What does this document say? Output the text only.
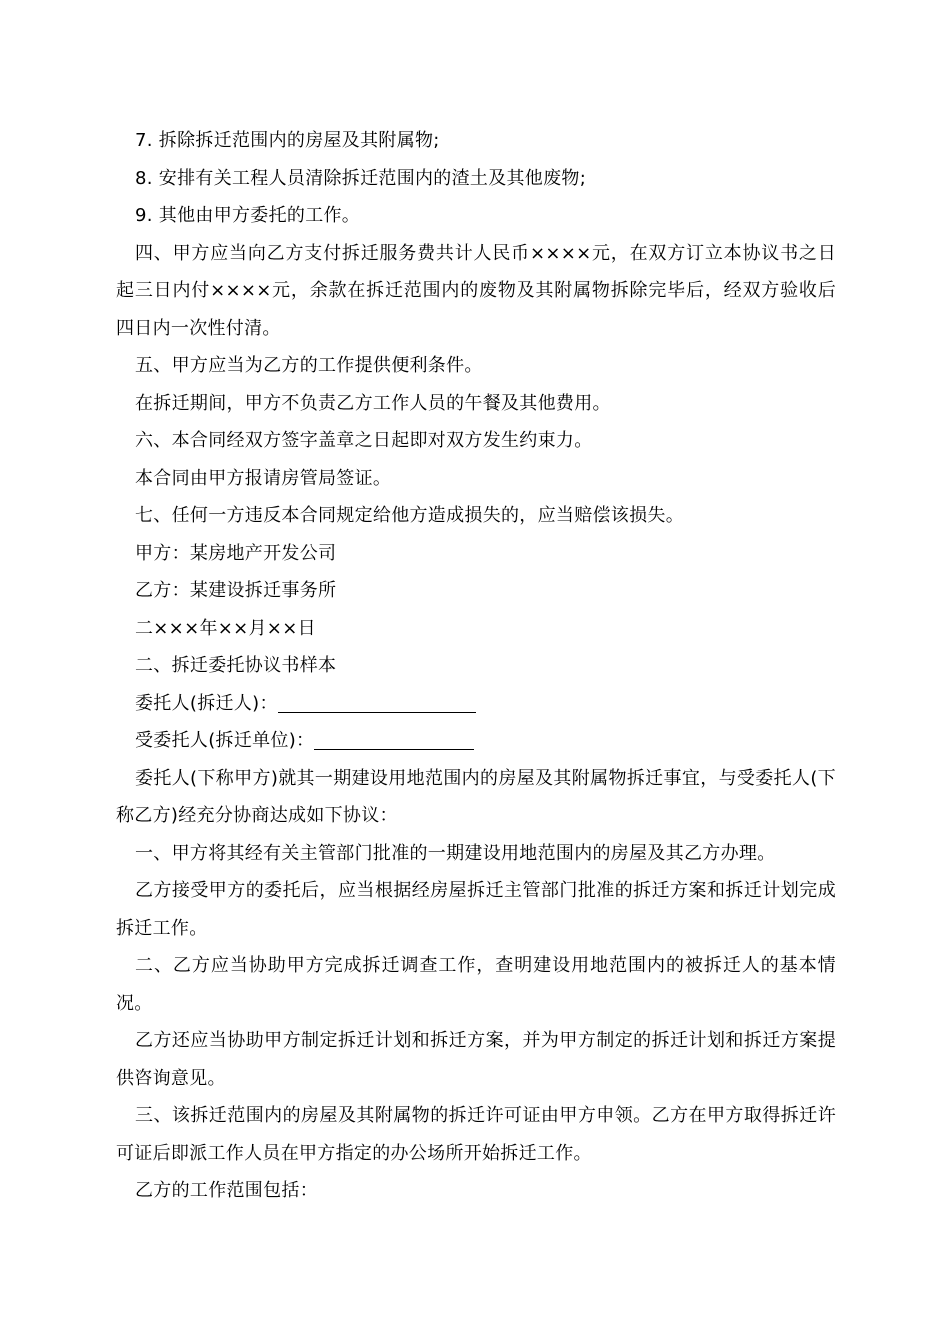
7. 拆除拆迁范围内的房屋及其附属物;

8. 安排有关工程人员清除拆迁范围内的渣土及其他废物;

9. 其他由甲方委托的工作。

四、甲方应当向乙方支付拆迁服务费共计人民币××××元，在双方订立本协议书之日起三日内付××××元，余款在拆迁范围内的废物及其附属物拆除完毕后，经双方验收后四日内一次性付清。

五、甲方应当为乙方的工作提供便利条件。

在拆迁期间，甲方不负责乙方工作人员的午餐及其他费用。

六、本合同经双方签字盖章之日起即对双方发生约束力。

本合同由甲方报请房管局签证。

七、任何一方违反本合同规定给他方造成损失的，应当赔偿该损失。

甲方：某房地产开发公司

乙方：某建设拆迁事务所

二×××年××月××日

二、拆迁委托协议书样本

委托人(拆迁人)：

受委托人(拆迁单位)：

委托人(下称甲方)就其一期建设用地范围内的房屋及其附属物拆迁事宜，与受委托人(下称乙方)经充分协商达成如下协议：

一、甲方将其经有关主管部门批准的一期建设用地范围内的房屋及其乙方办理。

乙方接受甲方的委托后，应当根据经房屋拆迁主管部门批准的拆迁方案和拆迁计划完成拆迁工作。

二、乙方应当协助甲方完成拆迁调查工作，查明建设用地范围内的被拆迁人的基本情况。

乙方还应当协助甲方制定拆迁计划和拆迁方案，并为甲方制定的拆迁计划和拆迁方案提供咨询意见。

三、该拆迁范围内的房屋及其附属物的拆迁许可证由甲方申领。乙方在甲方取得拆迁许可证后即派工作人员在甲方指定的办公场所开始拆迁工作。

乙方的工作范围包括：
